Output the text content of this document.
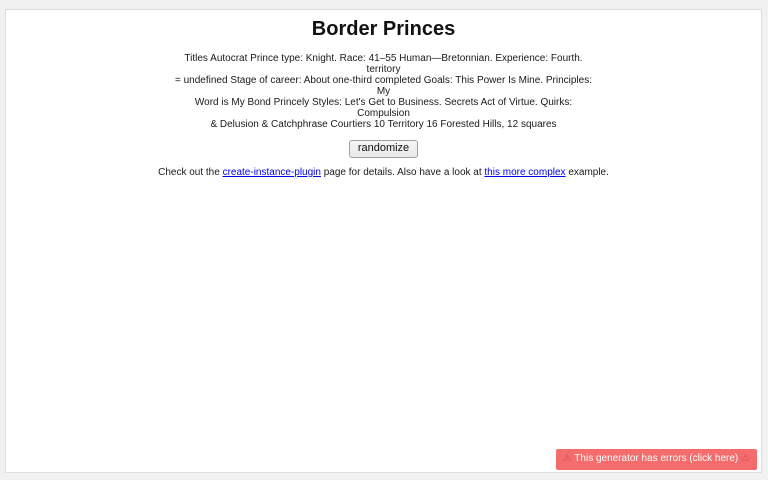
Border Princes
Titles Autocrat Prince type: Knight. Race: 41–55 Human—Bretonnian. Experience: Fourth. territory
= undefined Stage of career: About one-third completed Goals: This Power Is Mine. Principles: My
Word is My Bond Princely Styles: Let's Get to Business. Secrets Act of Virtue. Quirks: Compulsion
& Delusion & Catchphrase Courtiers 10 Territory 16 Forested Hills, 12 squares
randomize
Check out the create-instance-plugin page for details. Also have a look at this more complex example.
⚠ This generator has errors (click here) ⚠
